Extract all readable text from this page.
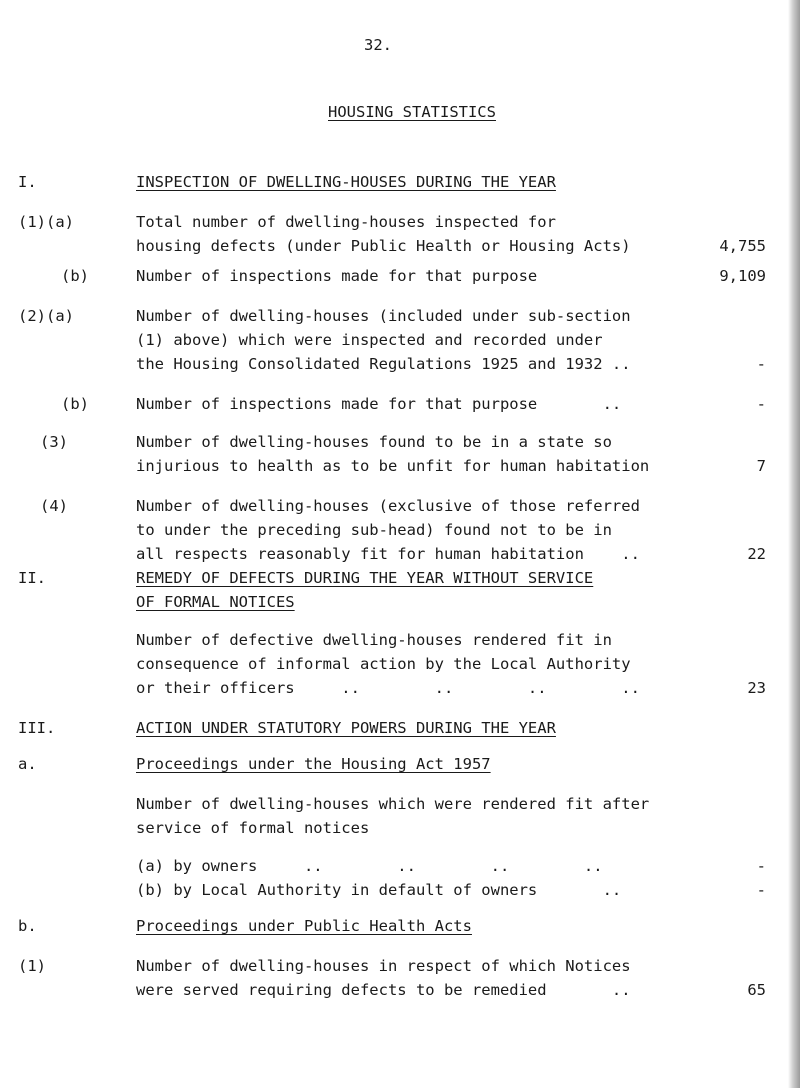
32.
HOUSING STATISTICS
I.	INSPECTION OF DWELLING-HOUSES DURING THE YEAR
(1)(a)	Total number of dwelling-houses inspected for
housing defects (under Public Health or Housing Acts)	4,755
(b)	Number of inspections made for that purpose	9,109
(2)(a)	Number of dwelling-houses (included under sub-section
(1) above) which were inspected and recorded under
the Housing Consolidated Regulations 1925 and 1932 ..	-
(b)	Number of inspections made for that purpose       ..	-
(3)	Number of dwelling-houses found to be in a state so
injurious to health as to be unfit for human habitation	7
(4)	Number of dwelling-houses (exclusive of those referred
to under the preceding sub-head) found not to be in
all respects reasonably fit for human habitation    ..	22
II.	REMEDY OF DEFECTS DURING THE YEAR WITHOUT SERVICE
OF FORMAL NOTICES
Number of defective dwelling-houses rendered fit in
consequence of informal action by the Local Authority
or their officers     ..        ..        ..        ..	23
III.	ACTION UNDER STATUTORY POWERS DURING THE YEAR
a.	Proceedings under the Housing Act 1957
Number of dwelling-houses which were rendered fit after
service of formal notices
(a) by owners     ..        ..        ..        ..	-
(b) by Local Authority in default of owners       ..	-
b.	Proceedings under Public Health Acts
(1)	Number of dwelling-houses in respect of which Notices
were served requiring defects to be remedied       ..	65
